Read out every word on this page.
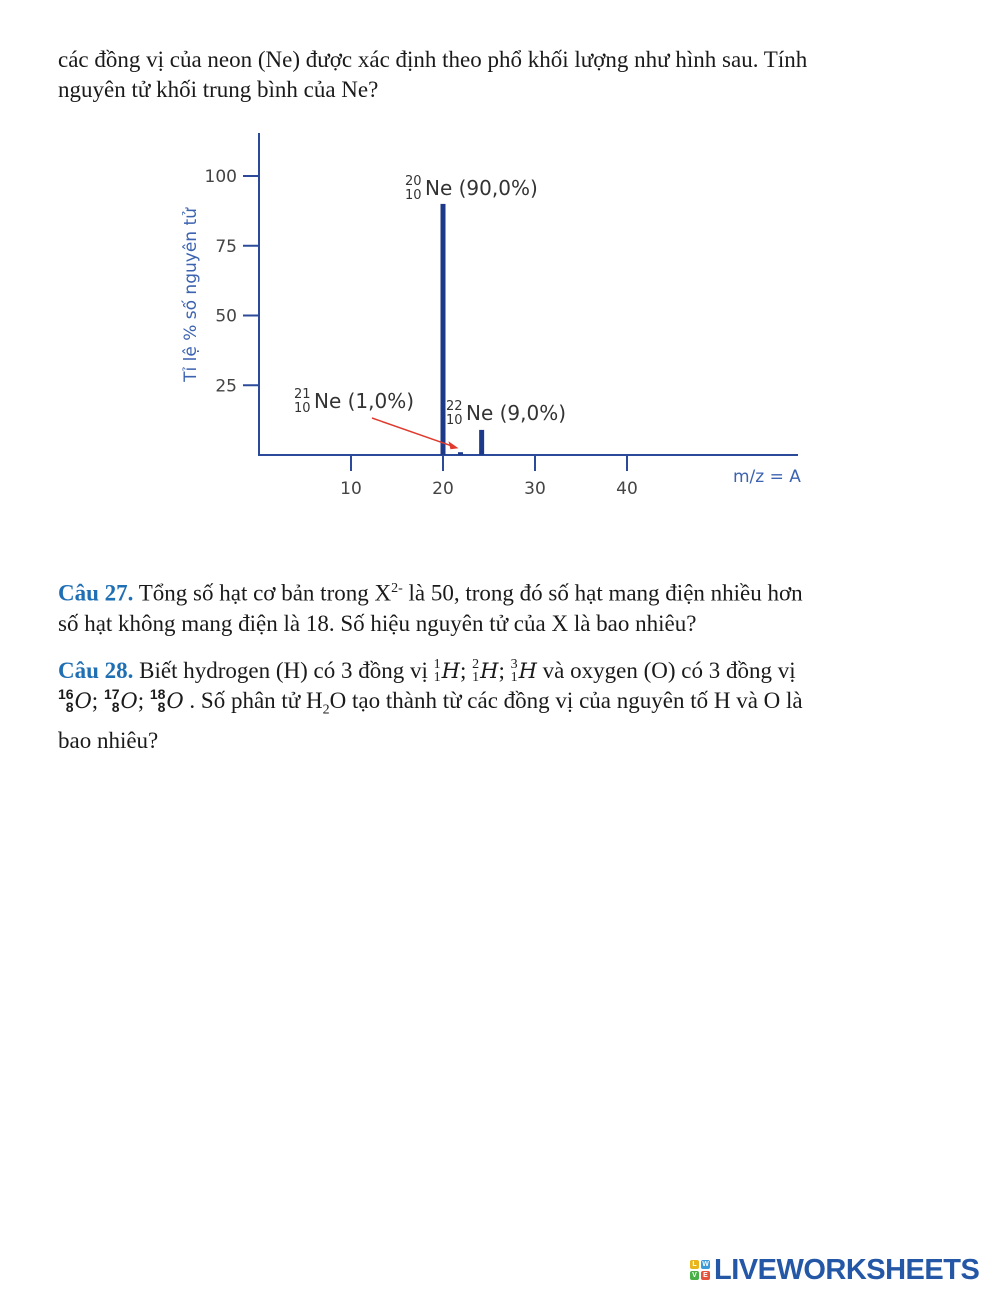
các đồng vị của neon (Ne) được xác định theo phổ khối lượng như hình sau. Tính
nguyên tử khối trung bình của Ne?

25
50
75
100
10	20	30	40
m/z = A
Tỉ lệ % số nguyên tử
20
10 Ne (90,0%)
21
10 Ne (1,0%) 22
10 Ne (9,0%)

Câu 27. Tổng số hạt cơ bản trong $X^{2-}$ là 50, trong đó số hạt mang điện nhiều hơn
số hạt không mang điện là 18. Số hiệu nguyên tử của X là bao nhiêu?

Câu 28. Biết hydrogen (H) có 3 đồng vị 1
1 H; 2
1 H; 3
1 H và oxygen (O) có 3 đồng vị

16
8 O; 17
8 O; 18
8 O . Số phân tử $H_2O$ tạo thành từ các đồng vị của nguyên tố H và O là
bao nhiêu?

L W
V E LIVEWORKSHEETS
